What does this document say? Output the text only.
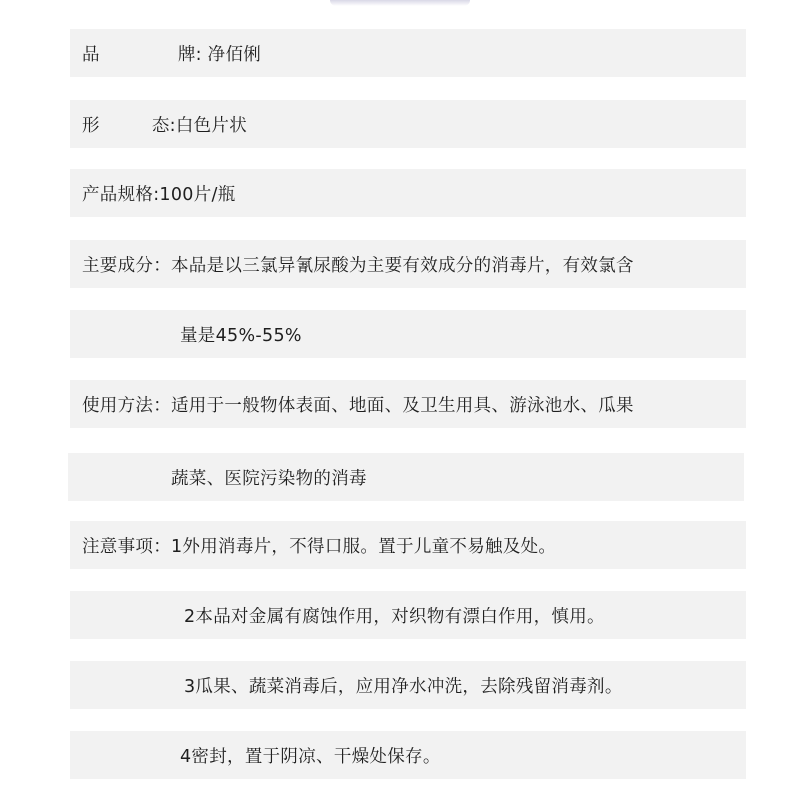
品	牌 : 净佰俐
形	态 :白色片状
产品规格: 100片/瓶
主要成分： 本品是以三氯异氰尿酸为主要有效成分的消毒片，有效氯含
量是45%-55%
使用方法： 适用于一般物体表面、地面、及卫生用具、游泳池水、瓜果
蔬菜、医院污染物的消毒
注意事项： 1外用消毒片，不得口服。置于儿童不易触及处。
2本品对金属有腐蚀作用，对织物有漂白作用，慎用。
3瓜果、蔬菜消毒后，应用净水冲洗，去除残留消毒剂。
4密封，置于阴凉、干燥处保存。
